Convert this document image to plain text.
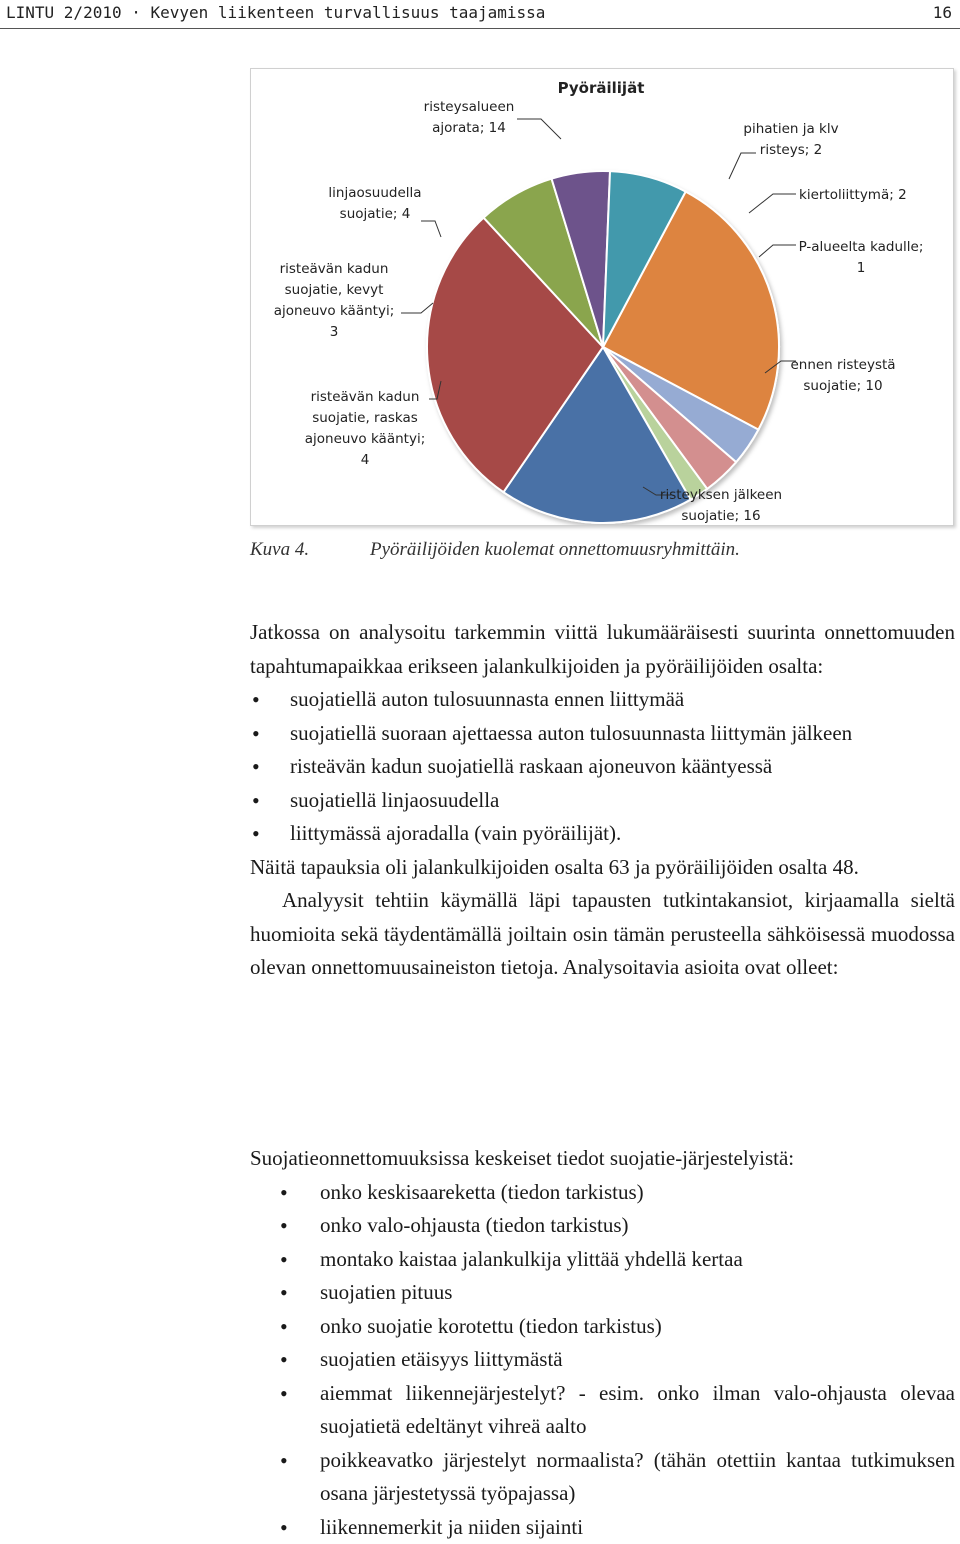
LINTU 2/2010 · Kevyen liikenteen turvallisuus taajamissa	16
Pyöräilijät
risteysalueen ajorata; 14	pihatien ja klv risteys; 2
kiertoliittymä; 2
P-alueelta kadulle; 1
ennen risteystä suojatie; 10
risteyksen jälkeen suojatie; 16
risteävän kadun suojatie, raskas ajoneuvo kääntyi; 4
risteävän kadun suojatie, kevyt ajoneuvo kääntyi; 3
linjaosuudella suojatie; 4
Kuva 4.	Pyöräilijöiden kuolemat onnettomuusryhmittäin.

Jatkossa on analysoitu tarkemmin viittä lukumääräisesti suurinta onnettomuuden tapahtumapaikkaa erikseen jalankulkijoiden ja pyöräilijöiden osalta:

• suojatiellä auton tulosuunnasta ennen liittymää
• suojatiellä suoraan ajettaessa auton tulosuunnasta liittymän jälkeen
• risteävän kadun suojatiellä raskaan ajoneuvon kääntyessä
• suojatiellä linjaosuudella
• liittymässä ajoradalla (vain pyöräilijät).

Näitä tapauksia oli jalankulkijoiden osalta 63 ja pyöräilijöiden osalta 48.

Analyysit tehtiin käymällä läpi tapausten tutkintakansiot, kirjaamalla sieltä huomioita sekä täydentämällä joiltain osin tämän perusteella sähköisessä muodossa olevan onnettomuusaineiston tietoja. Analysoitavia asioita ovat olleet:

Suojatieonnettomuuksissa keskeiset tiedot suojatie-järjestelyistä:

• onko keskisaareketta (tiedon tarkistus)
• onko valo-ohjausta (tiedon tarkistus)
• montako kaistaa jalankulkija ylittää yhdellä kertaa
• suojatien pituus
• onko suojatie korotettu (tiedon tarkistus)
• suojatien etäisyys liittymästä
• aiemmat liikennejärjestelyt? - esim. onko ilman valo-ohjausta olevaa suojatietä edeltänyt vihreä aalto
• poikkeavatko järjestelyt normaalista? (tähän otettiin kantaa tutkimuksen osana järjestetyssä työpajassa)
• liikennemerkit ja niiden sijainti
